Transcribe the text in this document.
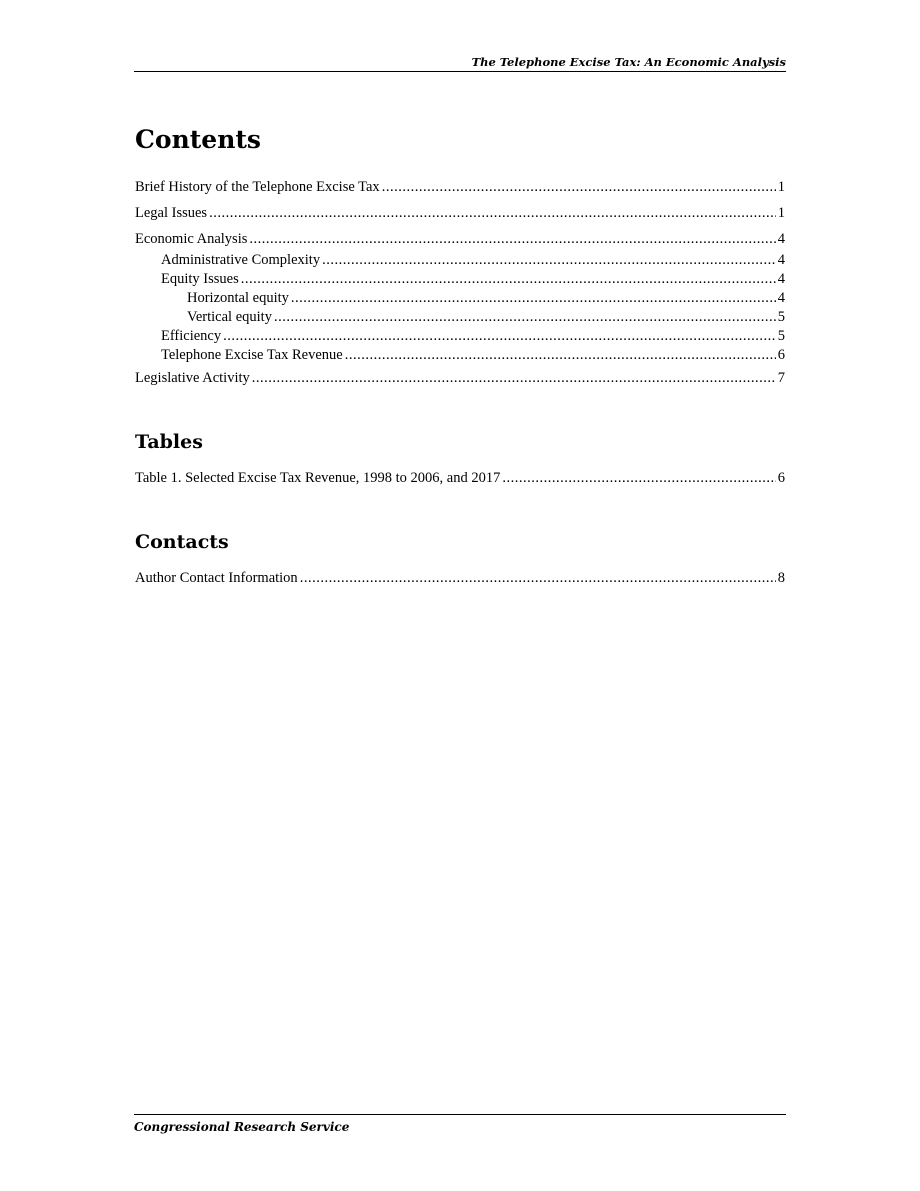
The Telephone Excise Tax: An Economic Analysis
Contents
Brief History of the Telephone Excise Tax .....	1
Legal Issues .....	1
Economic Analysis .....	4
Administrative Complexity .....	4
Equity Issues .....	4
Horizontal equity .....	4
Vertical equity .....	5
Efficiency .....	5
Telephone Excise Tax Revenue .....	6
Legislative Activity .....	7
Tables
Table 1. Selected Excise Tax Revenue, 1998 to 2006, and 2017 .....	6
Contacts
Author Contact Information .....	8
Congressional Research Service
